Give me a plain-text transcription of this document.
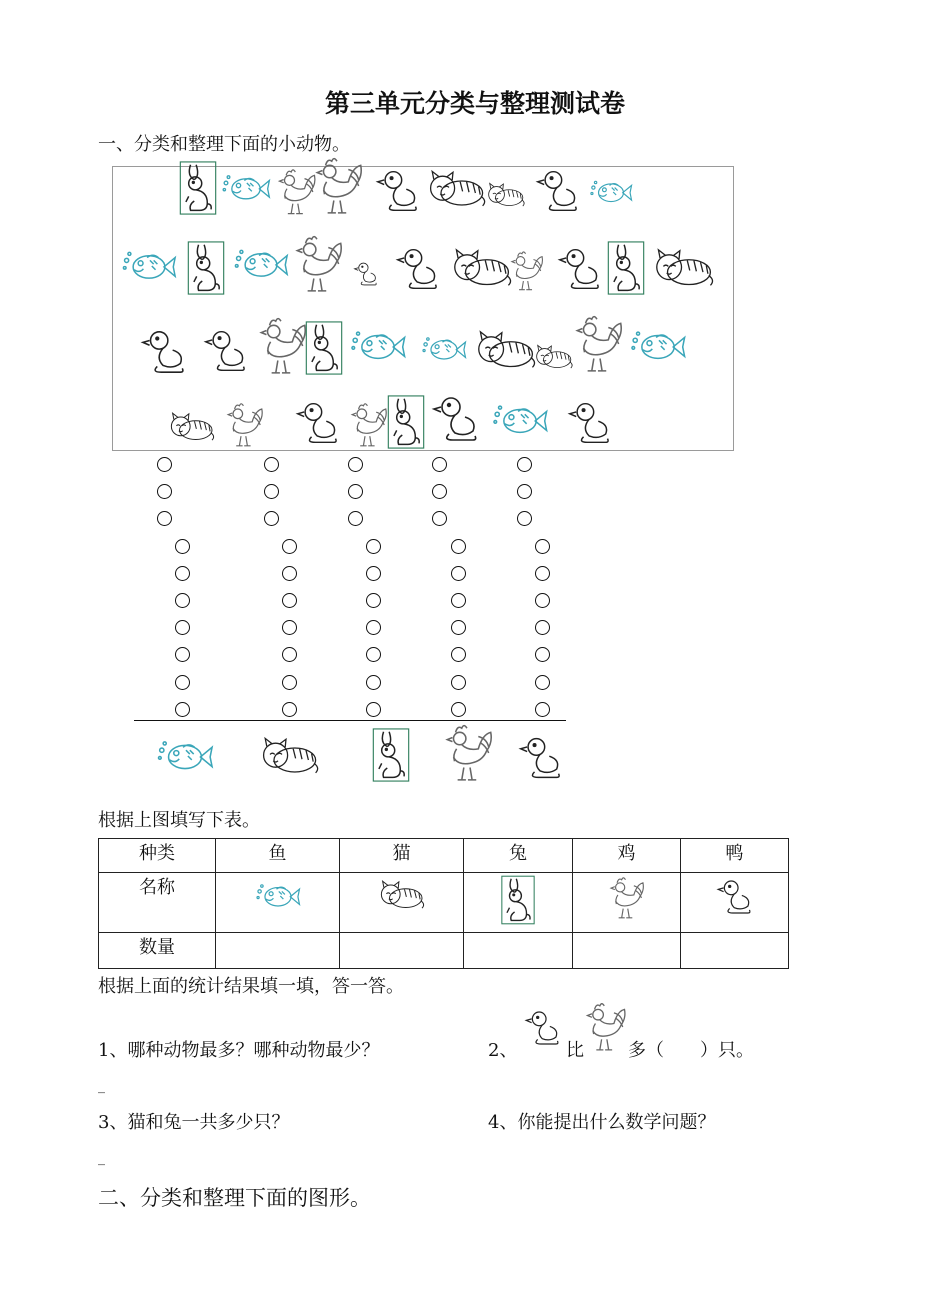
第三单元分类与整理测试卷
一、分类和整理下面的小动物。
根据上图填写下表。
种类	鱼	猫	兔	鸡	鸭
名称					
数量					
根据上面的统计结果填一填，答一答。
1、哪种动物最多？哪种动物最少？	2、	比 多（　　）只。
_
3、猫和兔一共多少只？	4、你能提出什么数学问题？
_
二、分类和整理下面的图形。
